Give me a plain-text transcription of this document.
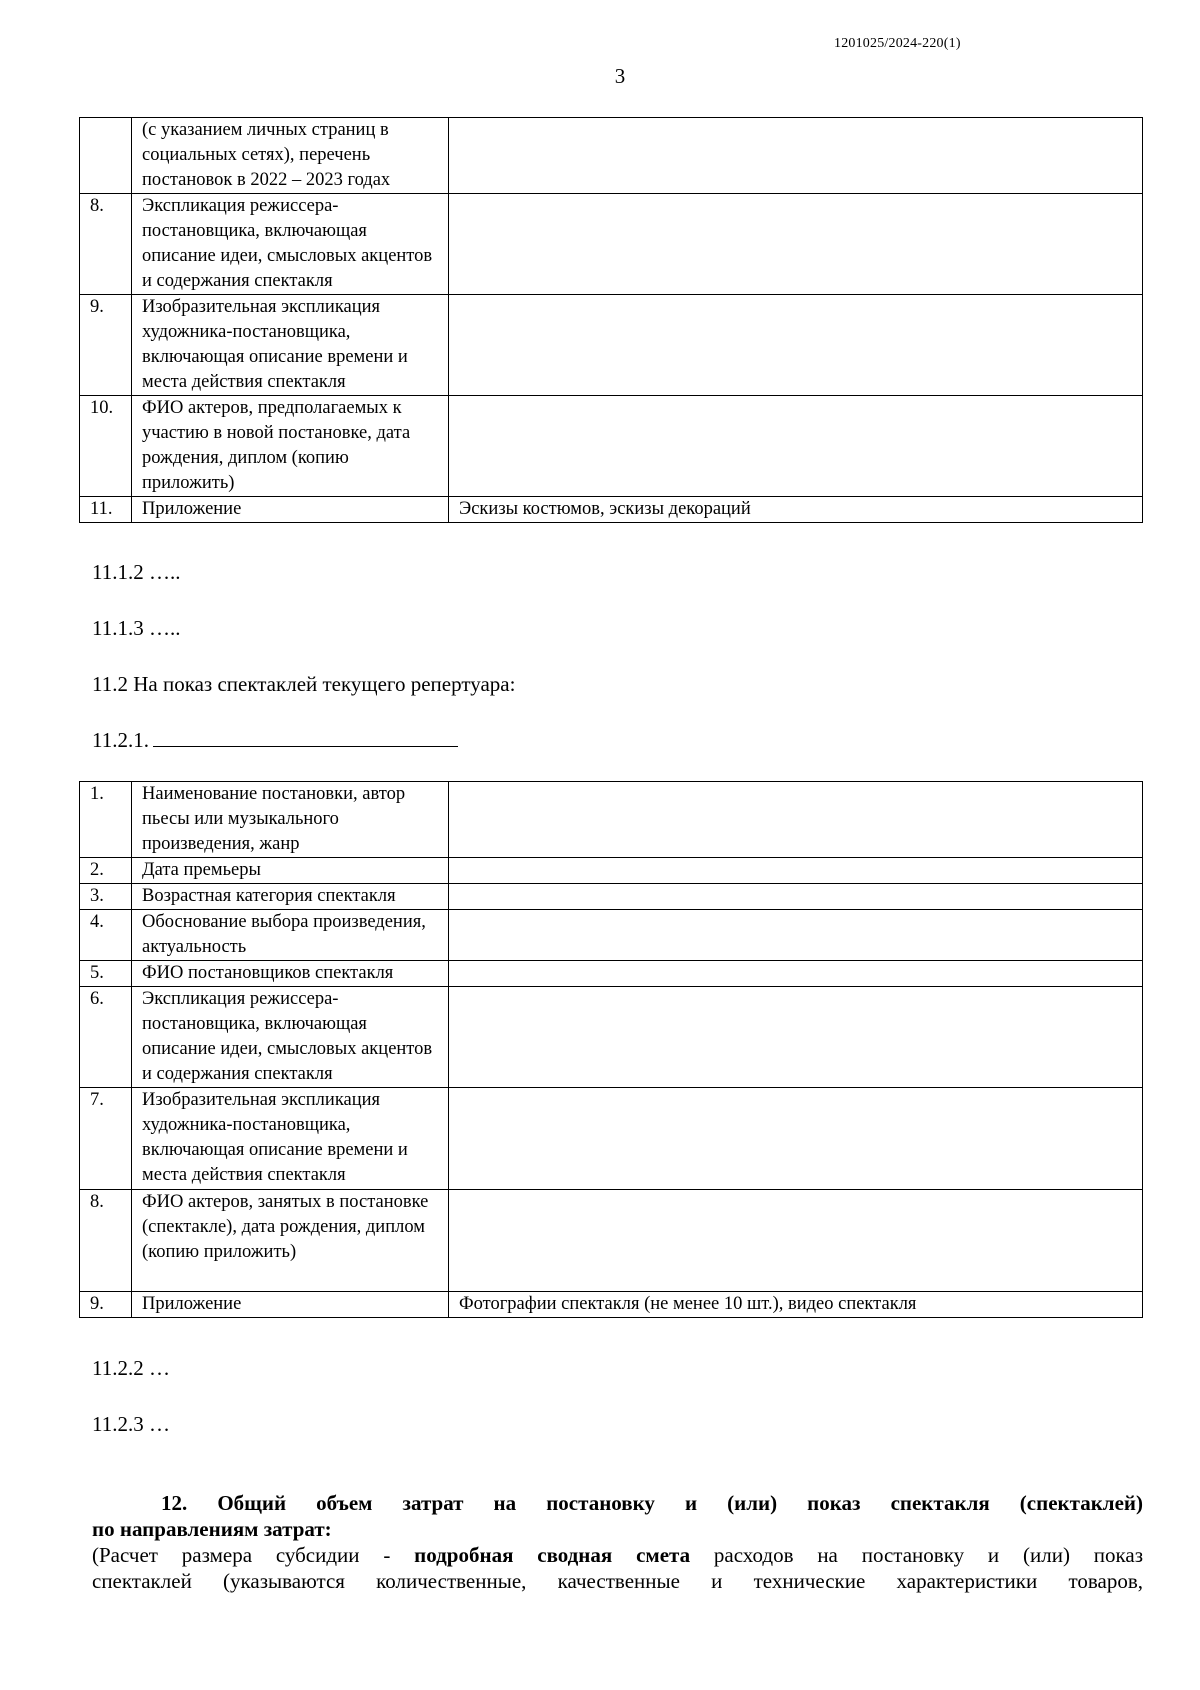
1201025/2024-220(1)
3
	(с указанием личных страниц в социальных сетях), перечень постановок в 2022 – 2023 годах	
8.	Экспликация режиссера-постановщика, включающая описание идеи, смысловых акцентов и содержания спектакля	
9.	Изобразительная экспликация художника-постановщика, включающая описание времени и места действия спектакля	
10.	ФИО актеров, предполагаемых к участию в новой постановке, дата рождения, диплом (копию приложить)	
11.	Приложение	Эскизы костюмов, эскизы декораций
11.1.2 …..
11.1.3 …..
11.2 На показ спектаклей текущего репертуара:
11.2.1.
1.	Наименование постановки, автор пьесы или музыкального произведения, жанр	
2.	Дата премьеры	
3.	Возрастная категория спектакля	
4.	Обоснование выбора произведения, актуальность	
5.	ФИО постановщиков спектакля	
6.	Экспликация режиссера-постановщика, включающая описание идеи, смысловых акцентов и содержания спектакля	
7.	Изобразительная экспликация художника-постановщика, включающая описание времени и места действия спектакля	
8.	ФИО актеров, занятых в постановке (спектакле), дата рождения, диплом (копию приложить)	
9.	Приложение	Фотографии спектакля (не менее 10 шт.), видео спектакля
11.2.2 …
11.2.3 …
12. Общий объем затрат на постановку и (или) показ спектакля (спектаклей)
по направлениям затрат:
(Расчет размера субсидии - подробная сводная смета расходов на постановку и (или) показ
спектаклей (указываются количественные, качественные и технические характеристики товаров,
